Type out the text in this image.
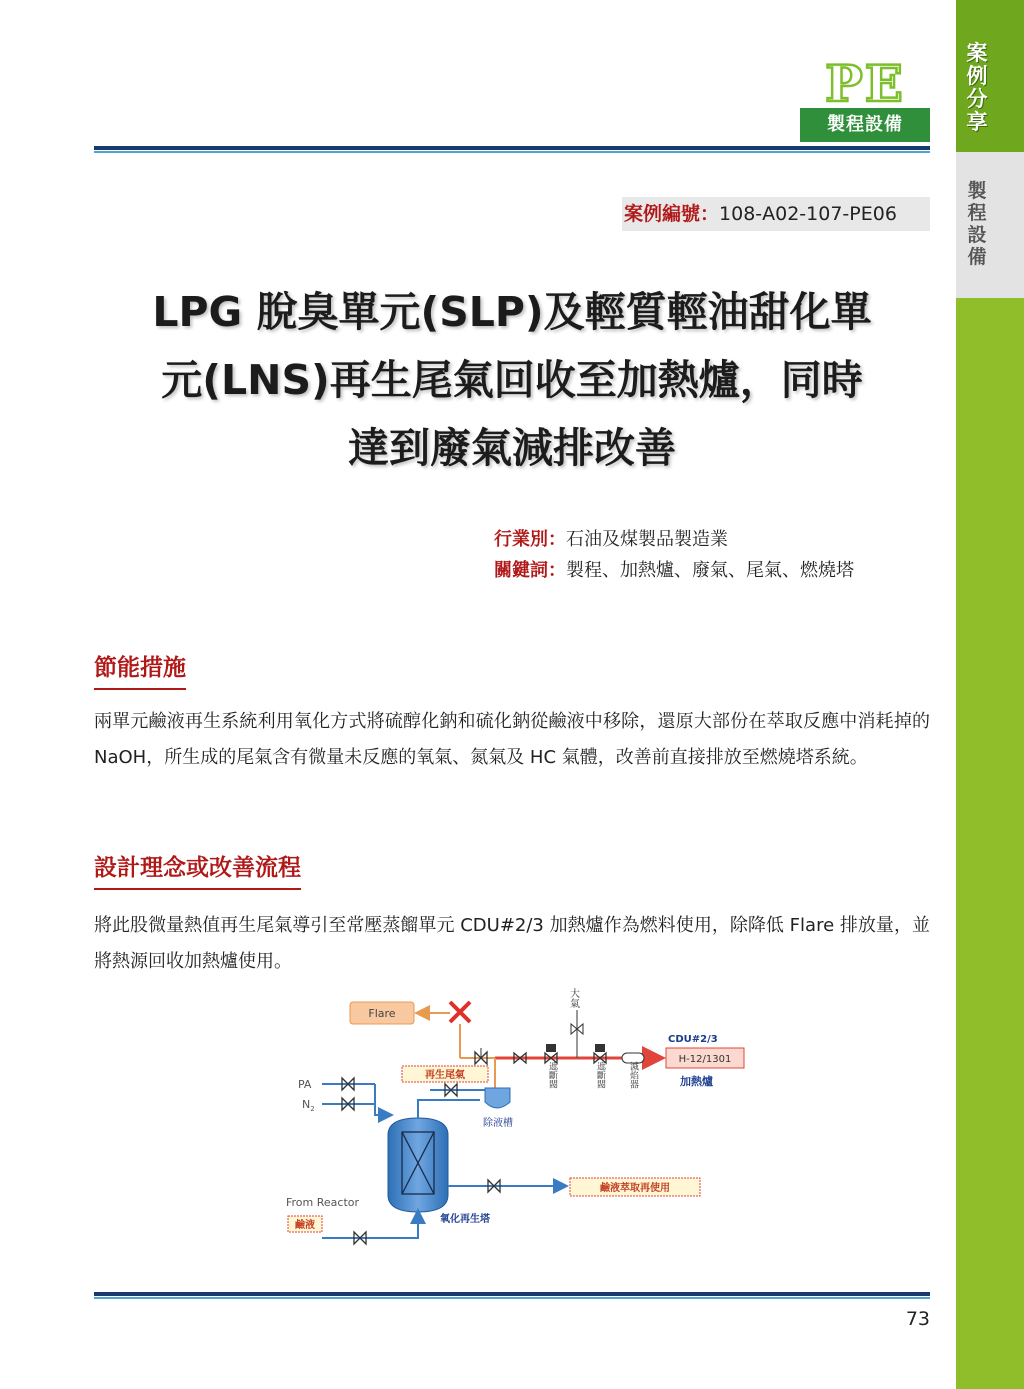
案例分享
製程設備
PE
製程設備
案例編號：108-A02-107-PE06
LPG 脫臭單元(SLP)及輕質輕油甜化單
元(LNS)再生尾氣回收至加熱爐，同時
達到廢氣減排改善
行業別： 石油及煤製品製造業
關鍵詞： 製程、加熱爐、廢氣、尾氣、燃燒塔
節能措施
兩單元鹼液再生系統利用氧化方式將硫醇化鈉和硫化鈉從鹼液中移除，還原大部份在萃取反應中消耗掉的 NaOH，所生成的尾氣含有微量未反應的氧氣、氮氣及 HC 氣體，改善前直接排放至燃燒塔系統。
設計理念或改善流程
將此股微量熱值再生尾氣導引至常壓蒸餾單元 CDU#2/3 加熱爐作為燃料使用，除降低 Flare 排放量，並將熱源回收加熱爐使用。
Flare
大氣
遮斷閥	遮斷閥	滅焰器
CDU#2/3
H-12/1301
加熱爐
再生尾氣
除液槽
PA
$N_2$
氧化再生塔
鹼液萃取再使用
From Reactor
鹼液
73
